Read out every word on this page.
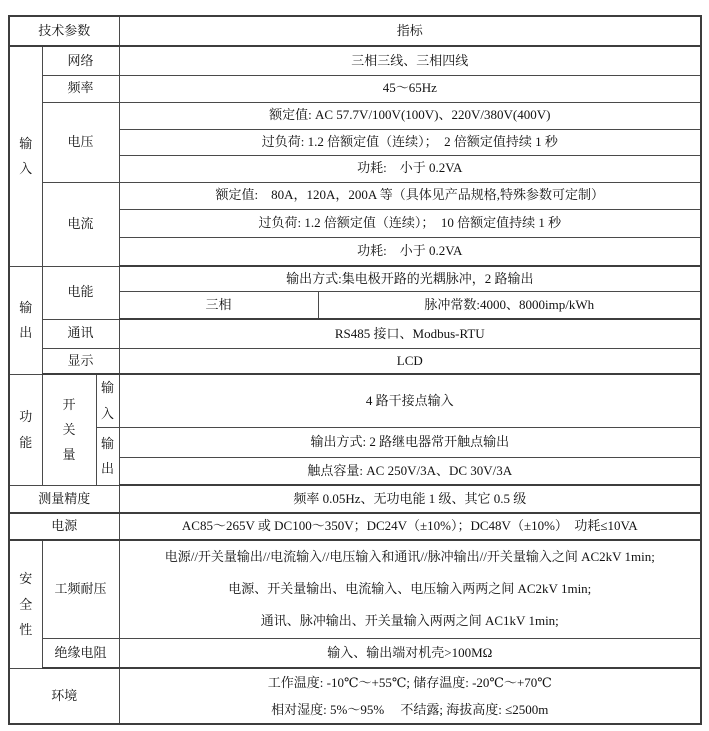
技术参数			指标	
输入	网络		三相三线、三相四线	
	频率		45～65Hz	
	电压		额定值: AC 57.7V/100V(100V)、220V/380V(400V)	
			过负荷: 1.2 倍额定值（连续）；　2 倍额定值持续 1 秒	
			功耗:　小于 0.2VA	
	电流		额定值:　80A，120A，200A 等（具体见产品规格,特殊参数可定制）	
			过负荷: 1.2 倍额定值（连续）；　10 倍额定值持续 1 秒	
			功耗:　小于 0.2VA	
输出	电能		输出方式:集电极开路的光耦脉冲，2 路输出	
			三相	脉冲常数:4000、8000imp/kWh
	通讯		RS485 接口、Modbus-RTU	
	显示		LCD	
功能	开关量	输入	4 路干接点输入	
		输出	输出方式: 2 路继电器常开触点输出	
			触点容量: AC 250V/3A、DC 30V/3A	
测量精度			频率 0.05Hz、无功电能 1 级、其它 0.5 级	
电源			AC85～265V 或 DC100～350V；DC24V（±10%）；DC48V（±10%）　功耗≤10VA	
安全性	工频耐压		电源//开关量输出//电流输入//电压输入和通讯//脉冲输出//开关量输入之间 AC2kV 1min;
电源、开关量输出、电流输入、电压输入两两之间 AC2kV 1min;
通讯、脉冲输出、开关量输入两两之间 AC1kV 1min;	

	绝缘电阻		输入、输出端对机壳>100MΩ	
环境			工作温度: -10℃～+55℃; 储存温度: -20℃～+70℃
相对湿度: 5%～95%　 不结露; 海拔高度: ≤2500m	
